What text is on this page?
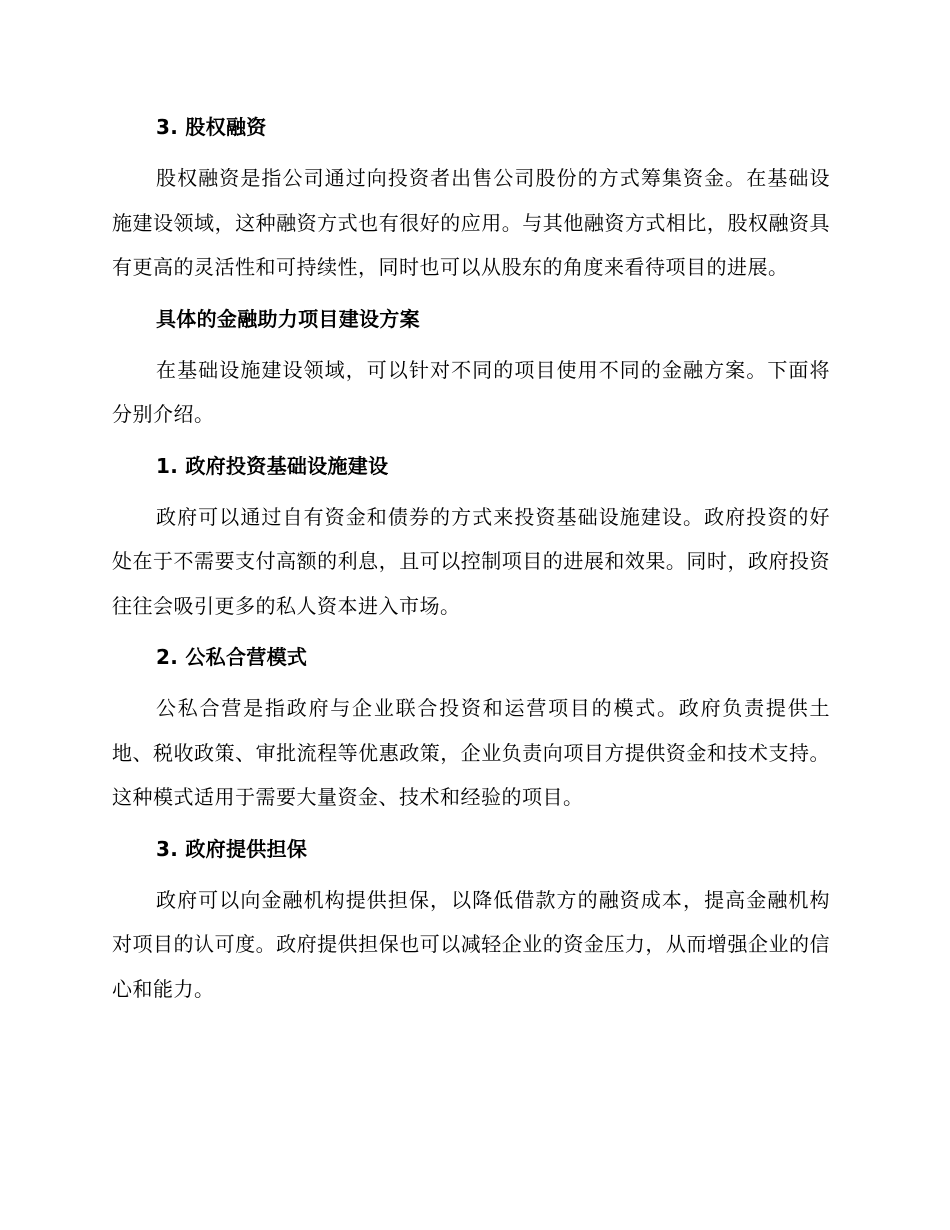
3. 股权融资

股权融资是指公司通过向投资者出售公司股份的方式筹集资金。在基础设施建设领域，这种融资方式也有很好的应用。与其他融资方式相比，股权融资具有更高的灵活性和可持续性，同时也可以从股东的角度来看待项目的进展。

具体的金融助力项目建设方案

在基础设施建设领域，可以针对不同的项目使用不同的金融方案。下面将分别介绍。

1. 政府投资基础设施建设

政府可以通过自有资金和债券的方式来投资基础设施建设。政府投资的好处在于不需要支付高额的利息，且可以控制项目的进展和效果。同时，政府投资往往会吸引更多的私人资本进入市场。

2. 公私合营模式

公私合营是指政府与企业联合投资和运营项目的模式。政府负责提供土地、税收政策、审批流程等优惠政策，企业负责向项目方提供资金和技术支持。这种模式适用于需要大量资金、技术和经验的项目。

3. 政府提供担保

政府可以向金融机构提供担保，以降低借款方的融资成本，提高金融机构对项目的认可度。政府提供担保也可以减轻企业的资金压力，从而增强企业的信心和能力。
